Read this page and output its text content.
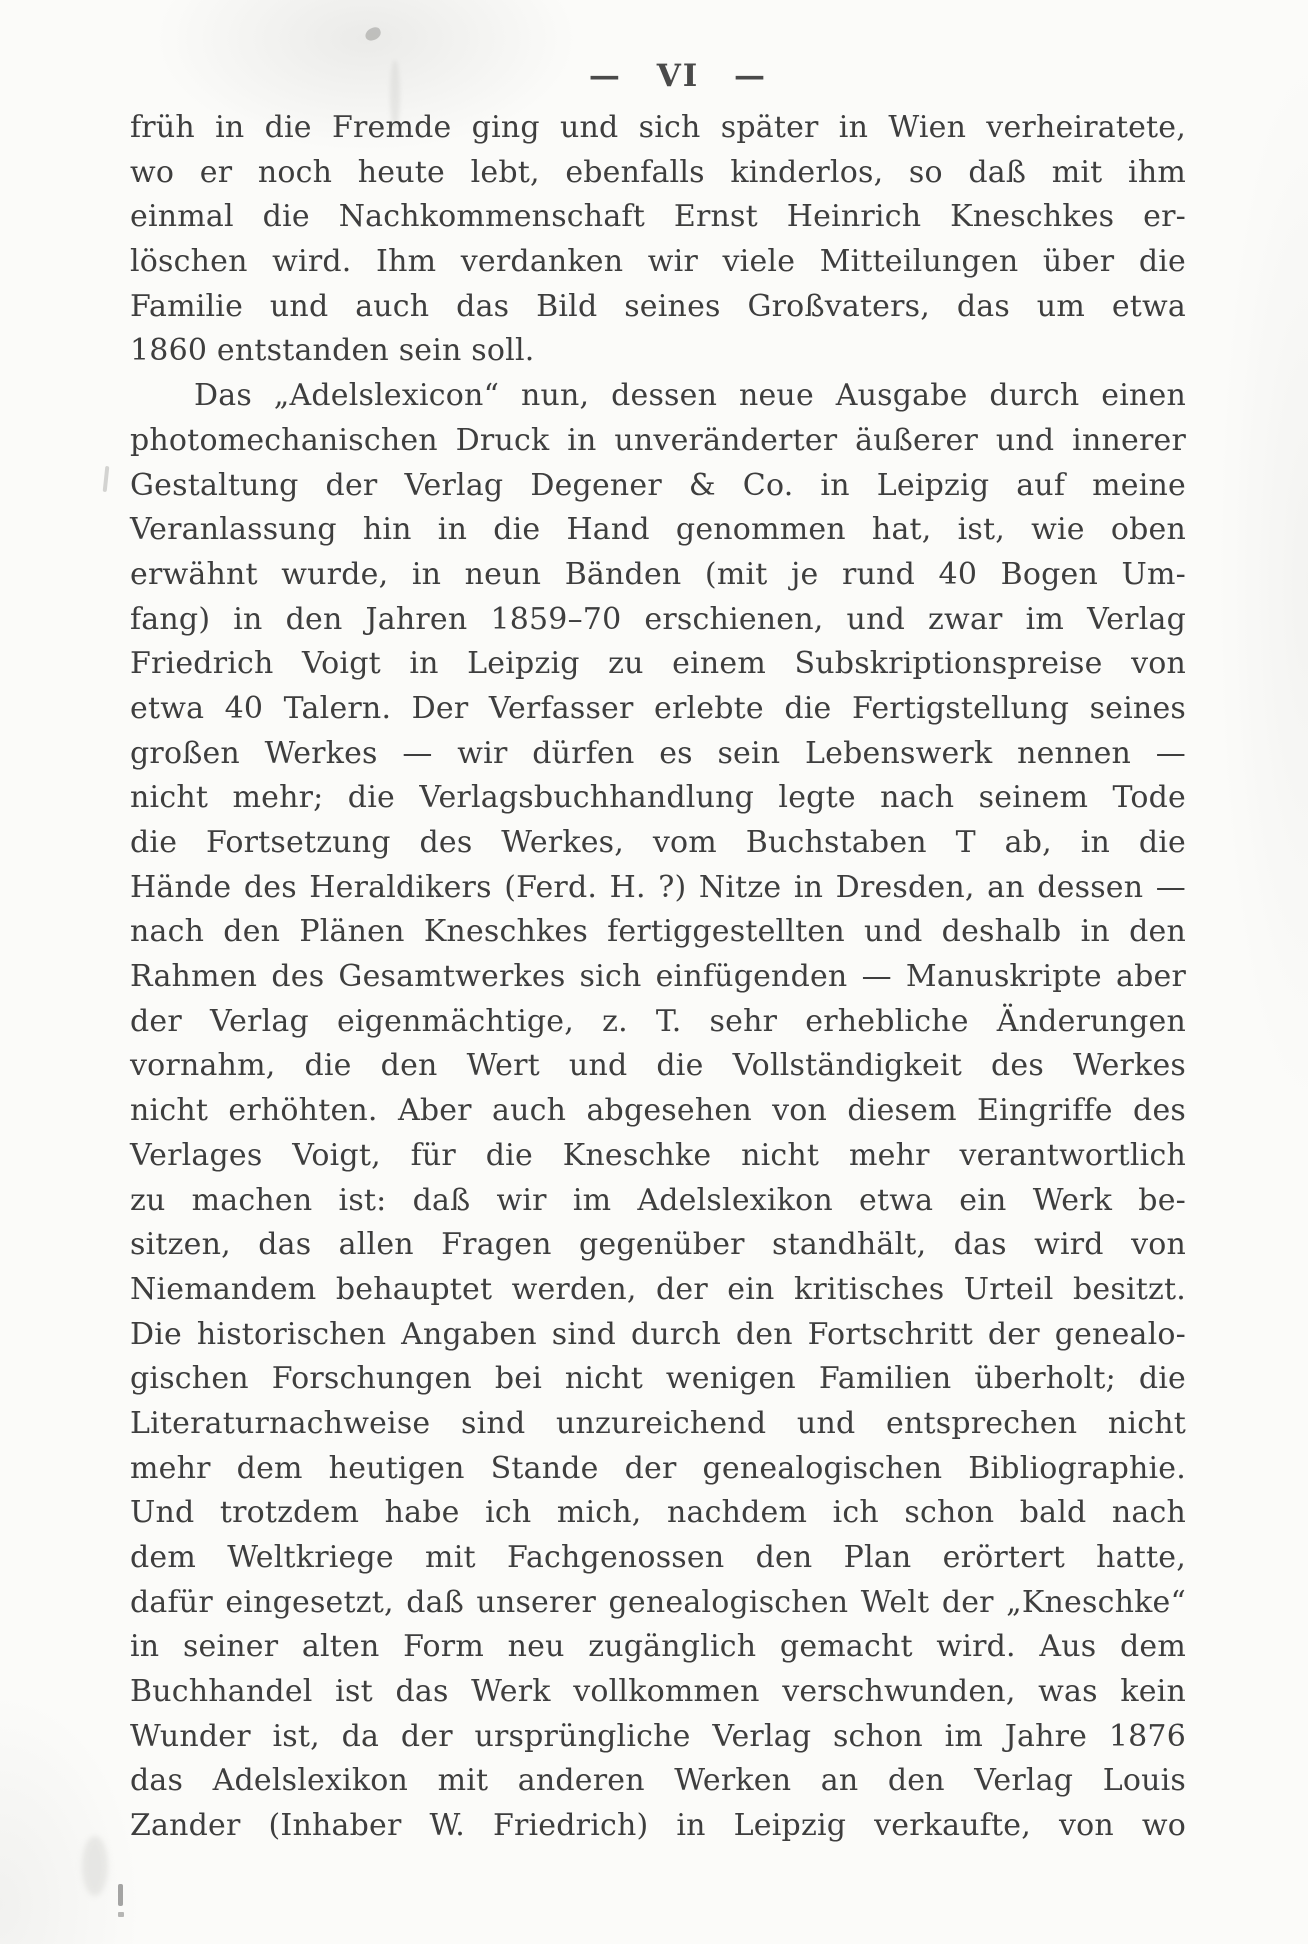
— VI —
früh in die Fremde ging und sich später in Wien verheiratete,
wo er noch heute lebt, ebenfalls kinderlos, so daß mit ihm
einmal die Nachkommenschaft Ernst Heinrich Kneschkes er-
löschen wird. Ihm verdanken wir viele Mitteilungen über die
Familie und auch das Bild seines Großvaters, das um etwa
1860 entstanden sein soll.
Das „Adelslexicon“ nun, dessen neue Ausgabe durch einen
photomechanischen Druck in unveränderter äußerer und innerer
Gestaltung der Verlag Degener & Co. in Leipzig auf meine
Veranlassung hin in die Hand genommen hat, ist, wie oben
erwähnt wurde, in neun Bänden (mit je rund 40 Bogen Um-
fang) in den Jahren 1859–70 erschienen, und zwar im Verlag
Friedrich Voigt in Leipzig zu einem Subskriptionspreise von
etwa 40 Talern. Der Verfasser erlebte die Fertigstellung seines
großen Werkes — wir dürfen es sein Lebenswerk nennen —
nicht mehr; die Verlagsbuchhandlung legte nach seinem Tode
die Fortsetzung des Werkes, vom Buchstaben T ab, in die
Hände des Heraldikers (Ferd. H. ?) Nitze in Dresden, an dessen —
nach den Plänen Kneschkes fertiggestellten und deshalb in den
Rahmen des Gesamtwerkes sich einfügenden — Manuskripte aber
der Verlag eigenmächtige, z. T. sehr erhebliche Änderungen
vornahm, die den Wert und die Vollständigkeit des Werkes
nicht erhöhten. Aber auch abgesehen von diesem Eingriffe des
Verlages Voigt, für die Kneschke nicht mehr verantwortlich
zu machen ist: daß wir im Adelslexikon etwa ein Werk be-
sitzen, das allen Fragen gegenüber standhält, das wird von
Niemandem behauptet werden, der ein kritisches Urteil besitzt.
Die historischen Angaben sind durch den Fortschritt der genealo-
gischen Forschungen bei nicht wenigen Familien überholt; die
Literaturnachweise sind unzureichend und entsprechen nicht
mehr dem heutigen Stande der genealogischen Bibliographie.
Und trotzdem habe ich mich, nachdem ich schon bald nach
dem Weltkriege mit Fachgenossen den Plan erörtert hatte,
dafür eingesetzt, daß unserer genealogischen Welt der „Kneschke“
in seiner alten Form neu zugänglich gemacht wird. Aus dem
Buchhandel ist das Werk vollkommen verschwunden, was kein
Wunder ist, da der ursprüngliche Verlag schon im Jahre 1876
das Adelslexikon mit anderen Werken an den Verlag Louis
Zander (Inhaber W. Friedrich) in Leipzig verkaufte, von wo
